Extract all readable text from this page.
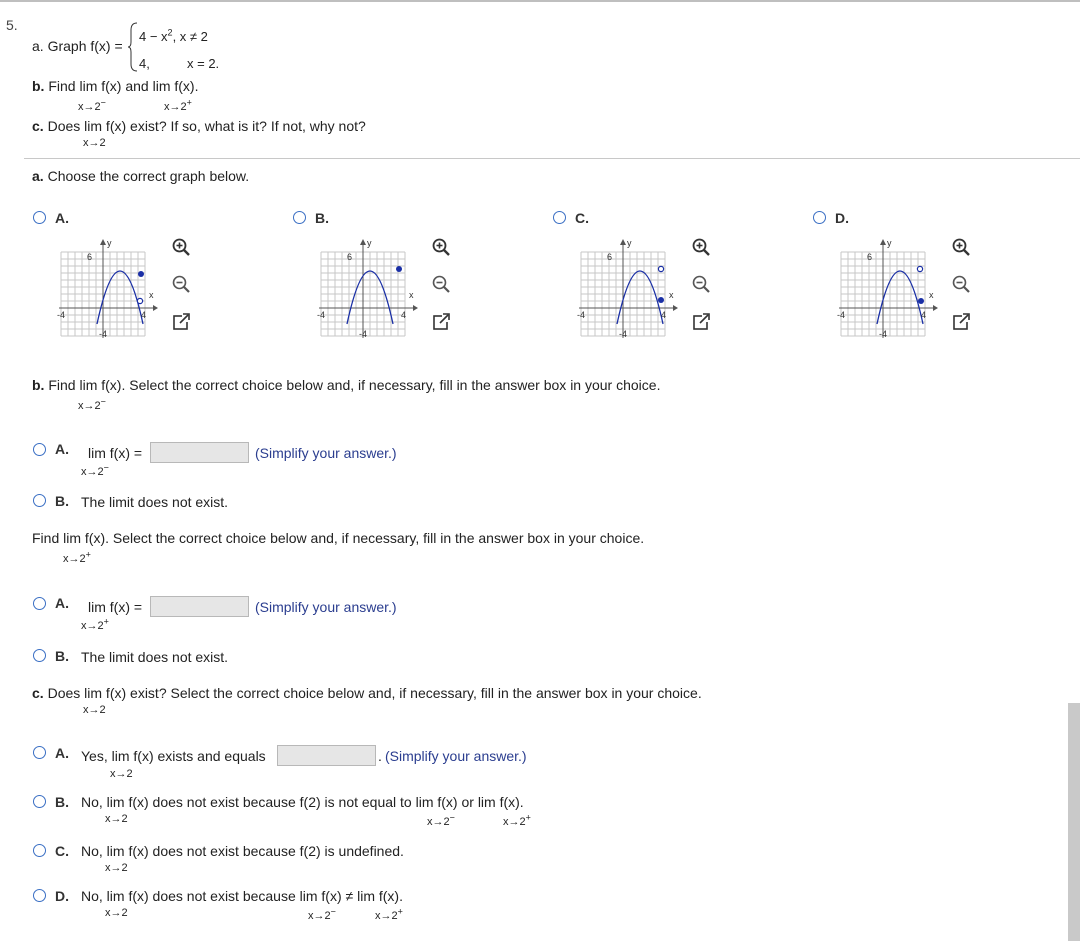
5.
a. Graph f(x) =
$4 - x^2$, x ≠ 2
4,	x = 2.
b. Find lim f(x) and lim f(x).
x→2−	x→2+
c. Does lim f(x) exist? If so, what is it? If not, why not?
x→2
a. Choose the correct graph below.
A.
y
6
x
-4	4
-4
B.
y
6
x
-4	4
-4
C.
y
6
x
-4	4
-4
D.
y
6
x
-4	4
-4
b. Find lim f(x). Select the correct choice below and, if necessary, fill in the answer box in your choice.
x→2−
A. lim f(x) =
x→2−
(Simplify your answer.)
B. The limit does not exist.
Find lim f(x). Select the correct choice below and, if necessary, fill in the answer box in your choice.
x→2+
A. lim f(x) =
x→2+
(Simplify your answer.)
B. The limit does not exist.
c. Does lim f(x) exist? Select the correct choice below and, if necessary, fill in the answer box in your choice.
x→2
A. Yes, lim f(x) exists and equals
x→2
. (Simplify your answer.)
B. No, lim f(x) does not exist because f(2) is not equal to lim f(x) or lim f(x).
x→2	x→2−	x→2+
C. No, lim f(x) does not exist because f(2) is undefined.
x→2
D. No, lim f(x) does not exist because lim f(x) ≠ lim f(x).
x→2	x→2−	x→2+
